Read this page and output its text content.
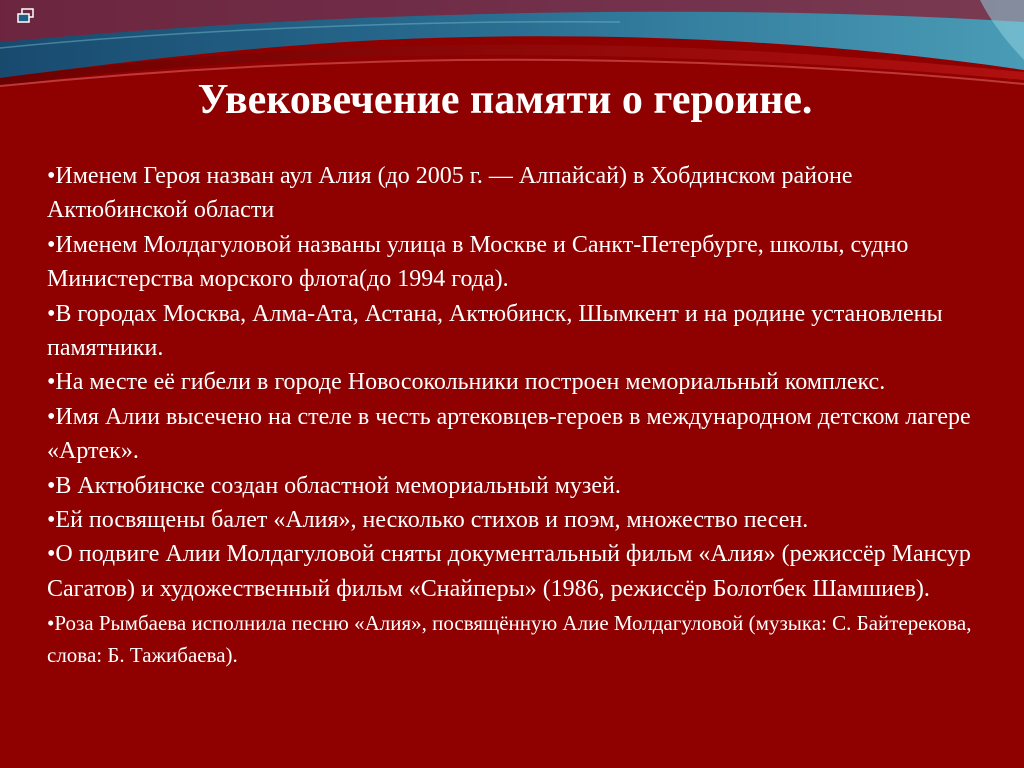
Увековечение памяти о героине.
•Именем Героя назван аул Алия (до 2005 г. — Алпайсай) в Хобдинском районе Актюбинской области
•Именем Молдагуловой названы улица в Москве и Санкт-Петербурге, школы, судно Министерства морского флота(до 1994 года).
•В городах Москва, Алма-Ата, Астана, Актюбинск, Шымкент и на родине установлены памятники.
•На месте её гибели в городе Новосокольники построен мемориальный комплекс.
•Имя Алии высечено на стеле в честь артековцев-героев в международном детском лагере «Артек».
•В Актюбинске создан областной мемориальный музей.
•Ей посвящены балет «Алия», несколько стихов и поэм, множество песен.
•О подвиге Алии Молдагуловой сняты документальный фильм «Алия» (режиссёр Мансур Сагатов) и художественный фильм «Снайперы» (1986, режиссёр Болотбек Шамшиев).
•Роза Рымбаева исполнила песню «Алия», посвящённую Алие Молдагуловой (музыка: С. Байтерекова, слова: Б. Тажибаева).
